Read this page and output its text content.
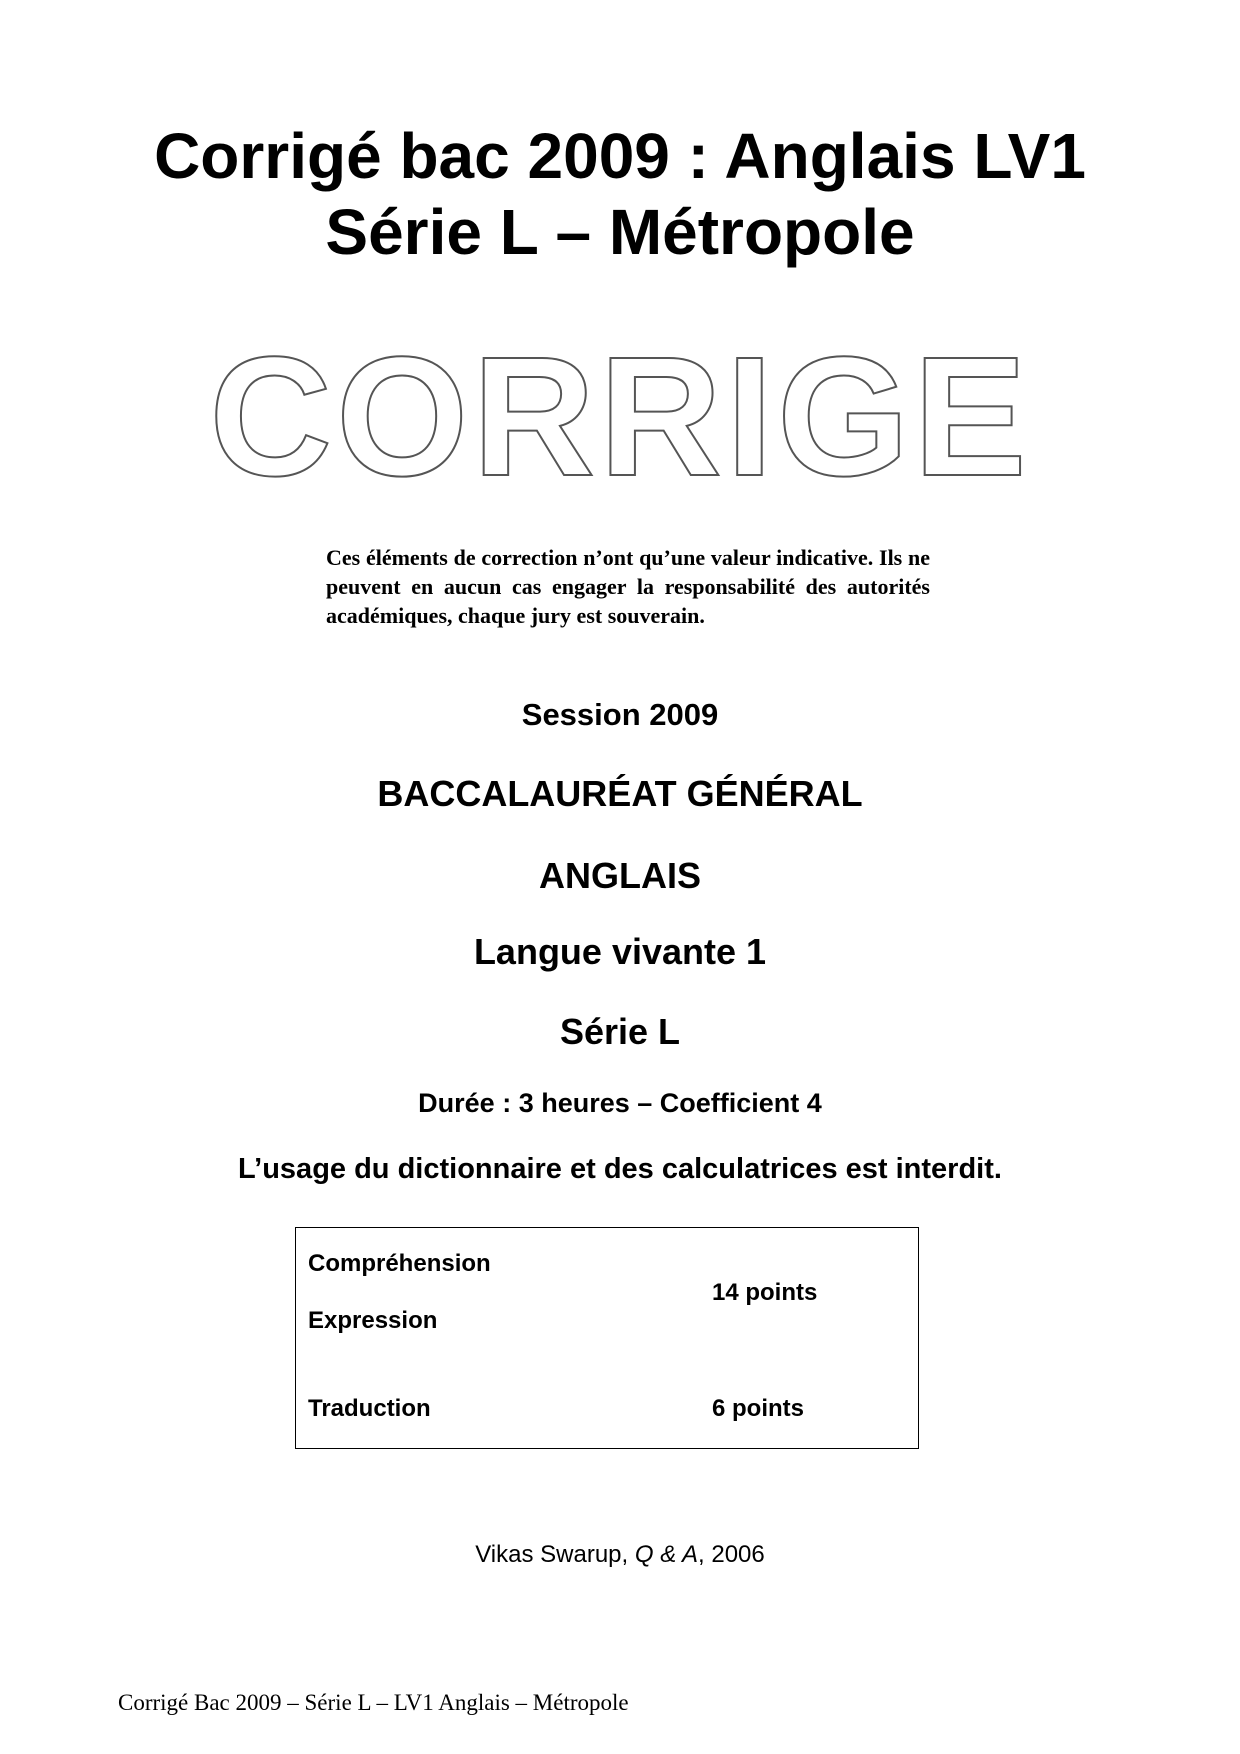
Corrigé bac 2009 : Anglais LV1
Série L – Métropole
CORRIGE
Ces éléments de correction n’ont qu’une valeur indicative. Ils ne peuvent en aucun cas engager la responsabilité des autorités académiques, chaque jury est souverain.
Session 2009
BACCALAURÉAT GÉNÉRAL
ANGLAIS
Langue vivante 1
Série L
Durée : 3 heures – Coefficient 4
L’usage du dictionnaire et des calculatrices est interdit.
Compréhension
Expression
14 points
Traduction	6 points
Vikas Swarup, Q & A, 2006
Corrigé Bac 2009 – Série L – LV1 Anglais – Métropole
